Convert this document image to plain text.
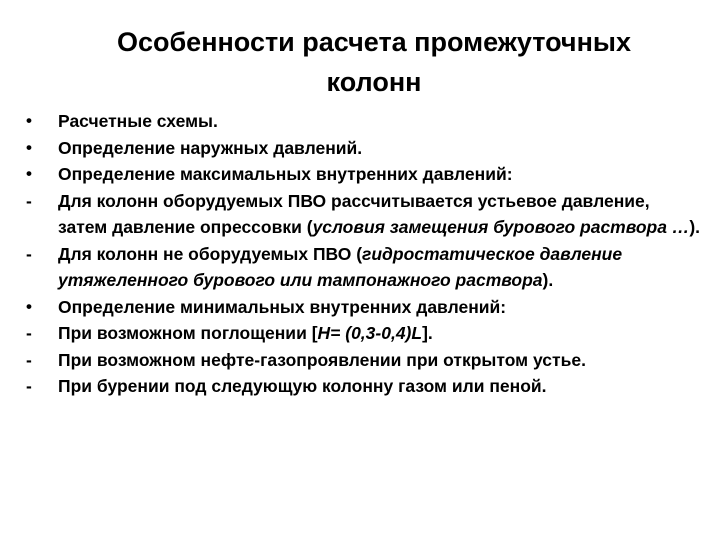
Особенности расчета промежуточных
колонн
•	Расчетные схемы.
•	Определение наружных давлений.
•	Определение максимальных внутренних давлений:
-	Для колонн оборудуемых ПВО рассчитывается устьевое давление, затем давление опрессовки (условия замещения бурового раствора …).
-	Для колонн не оборудуемых ПВО (гидростатическое давление утяжеленного бурового или тампонажного раствора).
•	Определение минимальных внутренних давлений:
-	При возможном поглощении [H= (0,3-0,4)L].
-	При возможном нефте-газопроявлении при открытом устье.
-	При бурении под следующую колонну газом или пеной.
